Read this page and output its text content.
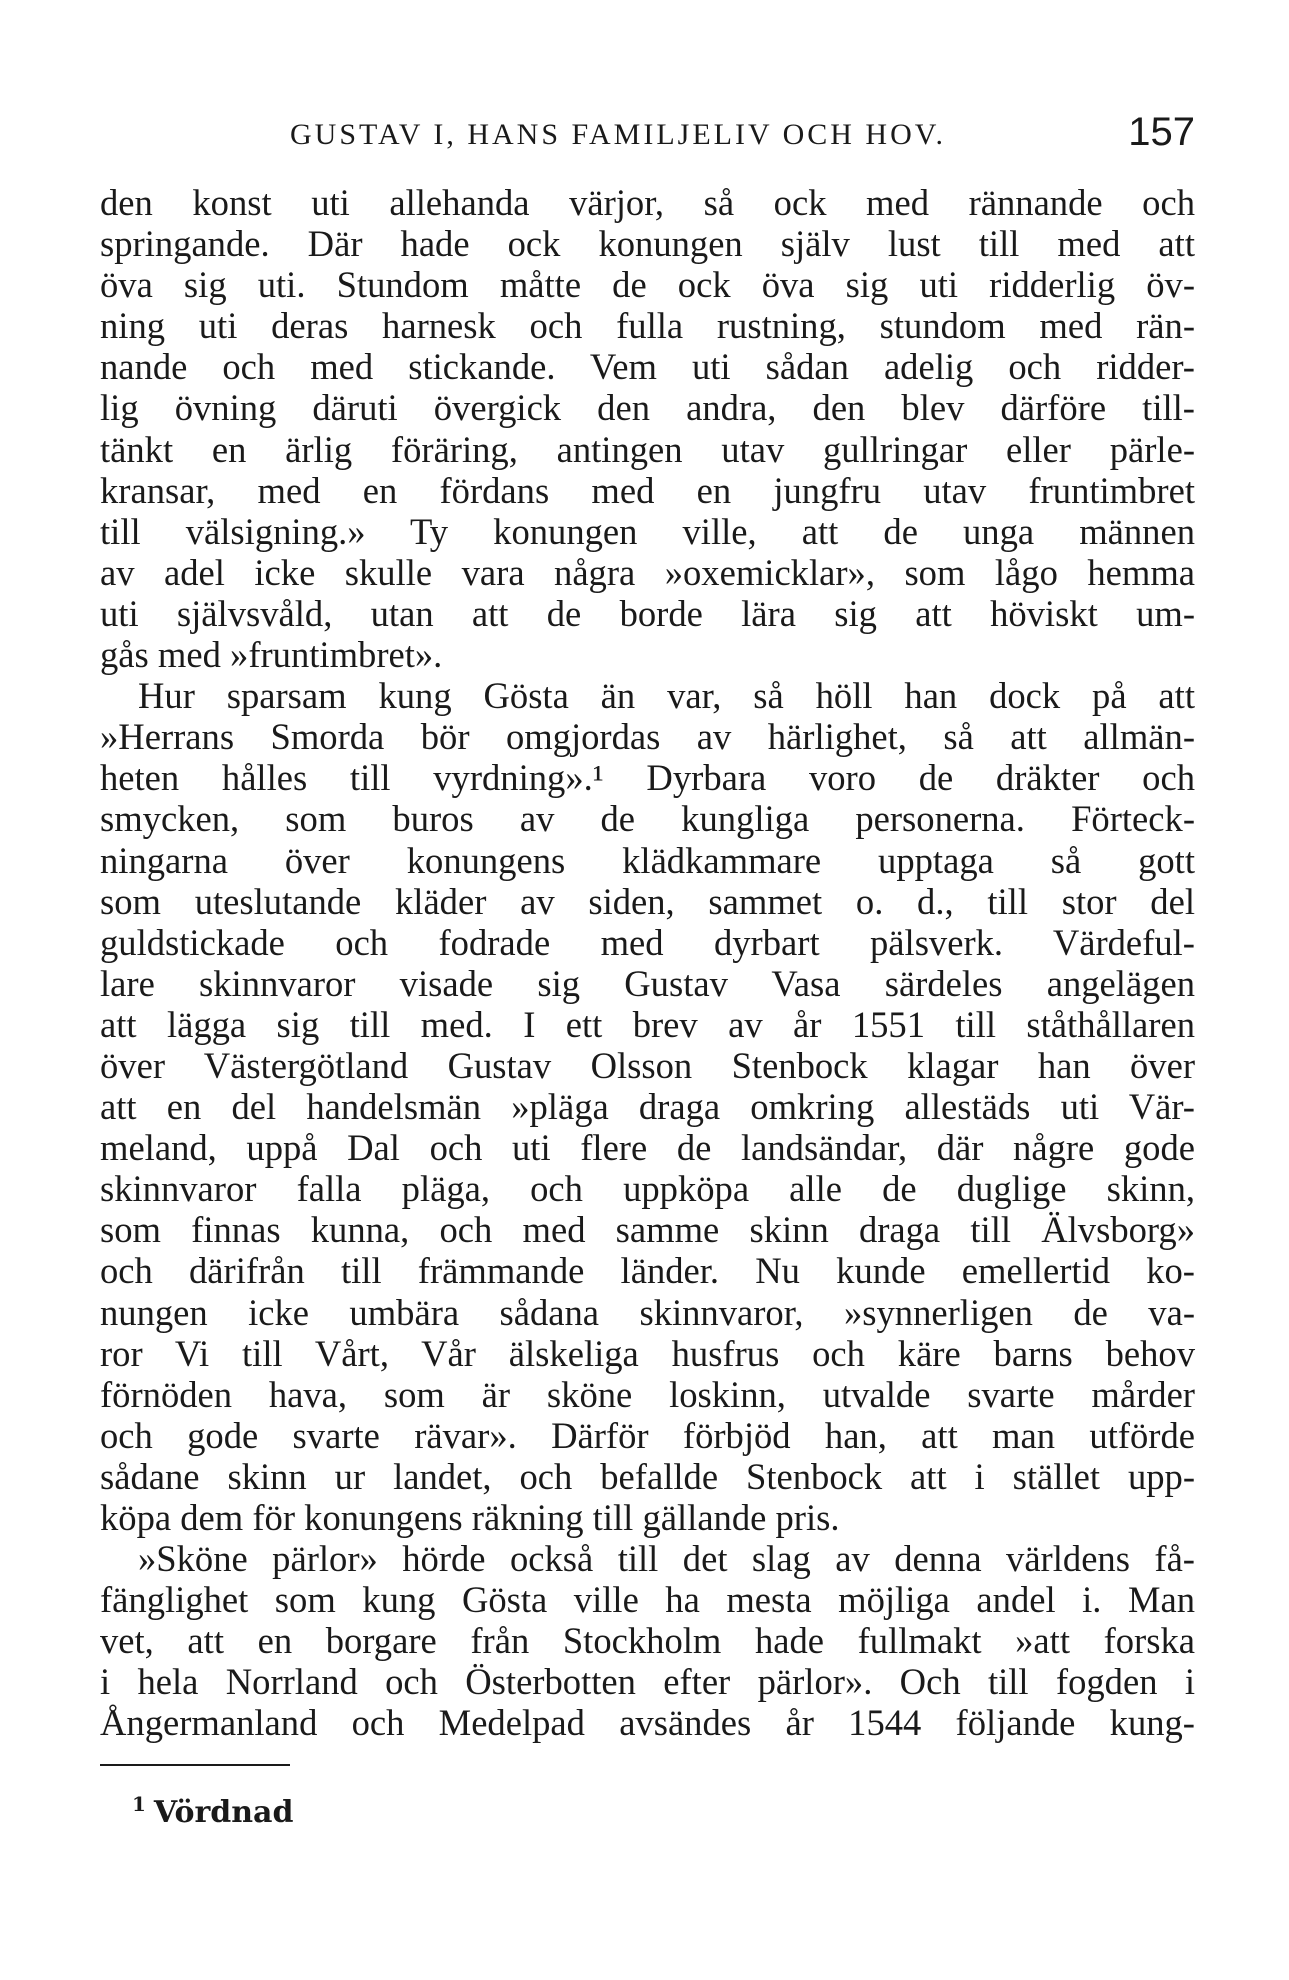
GUSTAV I, HANS FAMILJELIV OCH HOV.	157
den konst uti allehanda värjor, så ock med rännande och
springande. Där hade ock konungen själv lust till med att
öva sig uti. Stundom måtte de ock öva sig uti ridderlig öv-
ning uti deras harnesk och fulla rustning, stundom med rän-
nande och med stickande. Vem uti sådan adelig och ridder-
lig övning däruti övergick den andra, den blev därföre till-
tänkt en ärlig föräring, antingen utav gullringar eller pärle-
kransar, med en fördans med en jungfru utav fruntimbret
till välsigning.» Ty konungen ville, att de unga männen
av adel icke skulle vara några »oxemicklar», som lågo hemma
uti självsvåld, utan att de borde lära sig att höviskt um-
gås med »fruntimbret».
Hur sparsam kung Gösta än var, så höll han dock på att
»Herrans Smorda bör omgjordas av härlighet, så att allmän-
heten hålles till vyrdning».¹ Dyrbara voro de dräkter och
smycken, som buros av de kungliga personerna. Förteck-
ningarna över konungens klädkammare upptaga så gott
som uteslutande kläder av siden, sammet o. d., till stor del
guldstickade och fodrade med dyrbart pälsverk. Värdeful-
lare skinnvaror visade sig Gustav Vasa särdeles angelägen
att lägga sig till med. I ett brev av år 1551 till ståthållaren
över Västergötland Gustav Olsson Stenbock klagar han över
att en del handelsmän »pläga draga omkring allestäds uti Vär-
meland, uppå Dal och uti flere de landsändar, där någre gode
skinnvaror falla pläga, och uppköpa alle de duglige skinn,
som finnas kunna, och med samme skinn draga till Älvsborg»
och därifrån till främmande länder. Nu kunde emellertid ko-
nungen icke umbära sådana skinnvaror, »synnerligen de va-
ror Vi till Vårt, Vår älskeliga husfrus och käre barns behov
förnöden hava, som är sköne loskinn, utvalde svarte mårder
och gode svarte rävar». Därför förbjöd han, att man utförde
sådane skinn ur landet, och befallde Stenbock att i stället upp-
köpa dem för konungens räkning till gällande pris.
»Sköne pärlor» hörde också till det slag av denna världens få-
fänglighet som kung Gösta ville ha mesta möjliga andel i. Man
vet, att en borgare från Stockholm hade fullmakt »att forska
i hela Norrland och Österbotten efter pärlor». Och till fogden i
Ångermanland och Medelpad avsändes år 1544 följande kung-
$^1$ Vördnad
